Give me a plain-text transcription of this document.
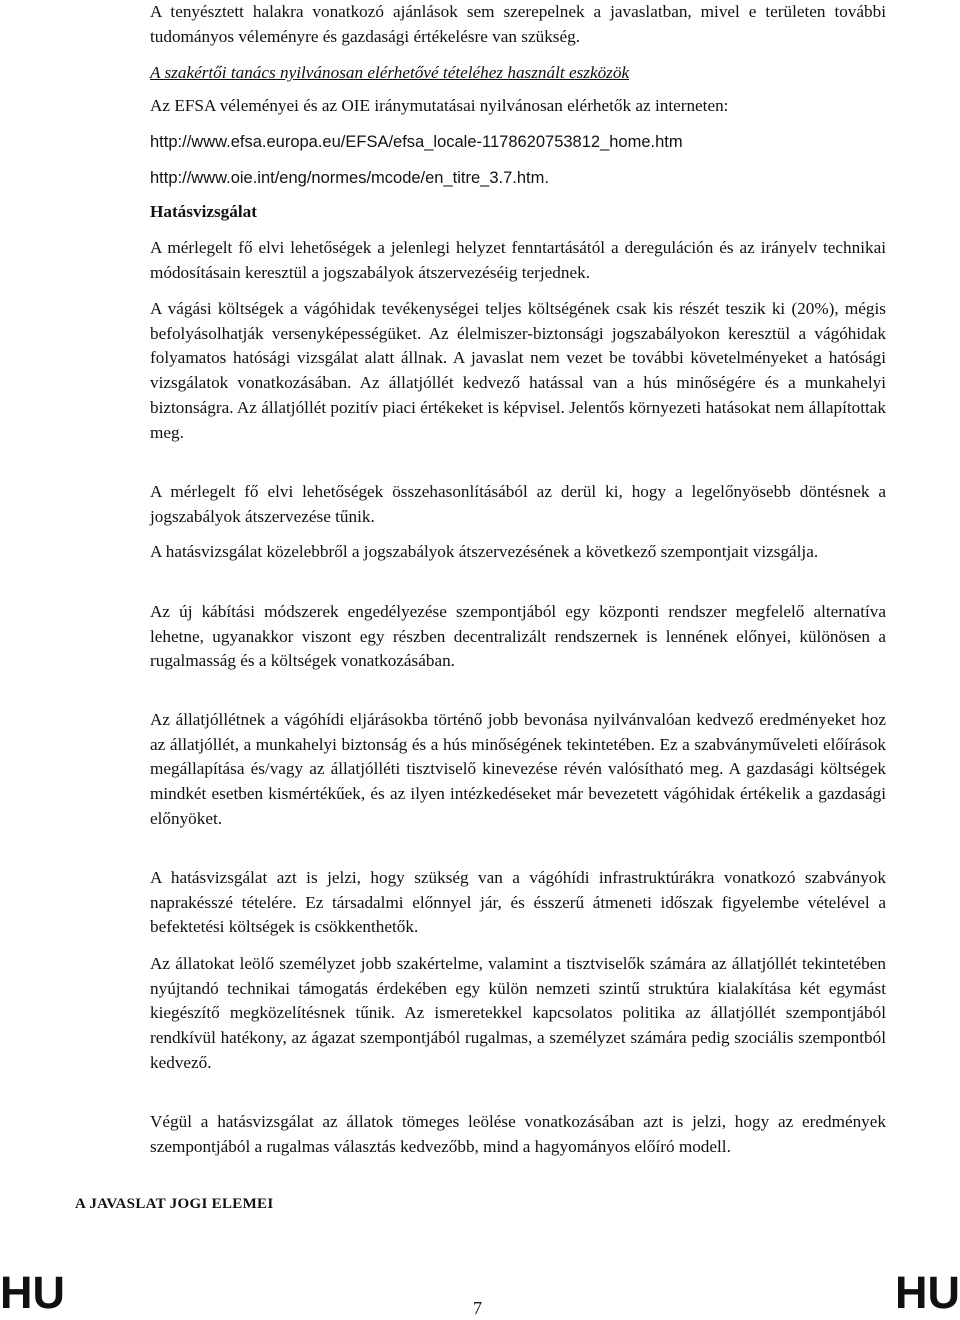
A tenyésztett halakra vonatkozó ajánlások sem szerepelnek a javaslatban, mivel e területen további tudományos véleményre és gazdasági értékelésre van szükség.

A szakértői tanács nyilvánosan elérhetővé tételéhez használt eszközök

Az EFSA véleményei és az OIE iránymutatásai nyilvánosan elérhetők az interneten:

http://www.efsa.europa.eu/EFSA/efsa_locale-1178620753812_home.htm

http://www.oie.int/eng/normes/mcode/en_titre_3.7.htm.

Hatásvizsgálat

A mérlegelt fő elvi lehetőségek a jelenlegi helyzet fenntartásától a dereguláción és az irányelv technikai módosításain keresztül a jogszabályok átszervezéséig terjednek.

A vágási költségek a vágóhidak tevékenységei teljes költségének csak kis részét teszik ki (20%), mégis befolyásolhatják versenyképességüket. Az élelmiszer-biztonsági jogszabályokon keresztül a vágóhidak folyamatos hatósági vizsgálat alatt állnak. A javaslat nem vezet be további követelményeket a hatósági vizsgálatok vonatkozásában. Az állatjóllét kedvező hatással van a hús minőségére és a munkahelyi biztonságra. Az állatjóllét pozitív piaci értékeket is képvisel. Jelentős környezeti hatásokat nem állapítottak meg.

A mérlegelt fő elvi lehetőségek összehasonlításából az derül ki, hogy a legelőnyösebb döntésnek a jogszabályok átszervezése tűnik.

A hatásvizsgálat közelebbről a jogszabályok átszervezésének a következő szempontjait vizsgálja.

Az új kábítási módszerek engedélyezése szempontjából egy központi rendszer megfelelő alternatíva lehetne, ugyanakkor viszont egy részben decentralizált rendszernek is lennének előnyei, különösen a rugalmasság és a költségek vonatkozásában.

Az állatjóllétnek a vágóhídi eljárásokba történő jobb bevonása nyilvánvalóan kedvező eredményeket hoz az állatjóllét, a munkahelyi biztonság és a hús minőségének tekintetében. Ez a szabványműveleti előírások megállapítása és/vagy az állatjólléti tisztviselő kinevezése révén valósítható meg. A gazdasági költségek mindkét esetben kismértékűek, és az ilyen intézkedéseket már bevezetett vágóhidak értékelik a gazdasági előnyöket.

A hatásvizsgálat azt is jelzi, hogy szükség van a vágóhídi infrastruktúrákra vonatkozó szabványok naprakésszé tételére. Ez társadalmi előnnyel jár, és ésszerű átmeneti időszak figyelembe vételével a befektetési költségek is csökkenthetők.

Az állatokat leölő személyzet jobb szakértelme, valamint a tisztviselők számára az állatjóllét tekintetében nyújtandó technikai támogatás érdekében egy külön nemzeti szintű struktúra kialakítása két egymást kiegészítő megközelítésnek tűnik. Az ismeretekkel kapcsolatos politika az állatjóllét szempontjából rendkívül hatékony, az ágazat szempontjából rugalmas, a személyzet számára pedig szociális szempontból kedvező.

Végül a hatásvizsgálat az állatok tömeges leölése vonatkozásában azt is jelzi, hogy az eredmények szempontjából a rugalmas választás kedvezőbb, mind a hagyományos előíró modell.

A JAVASLAT JOGI ELEMEI
HU	7	HU
